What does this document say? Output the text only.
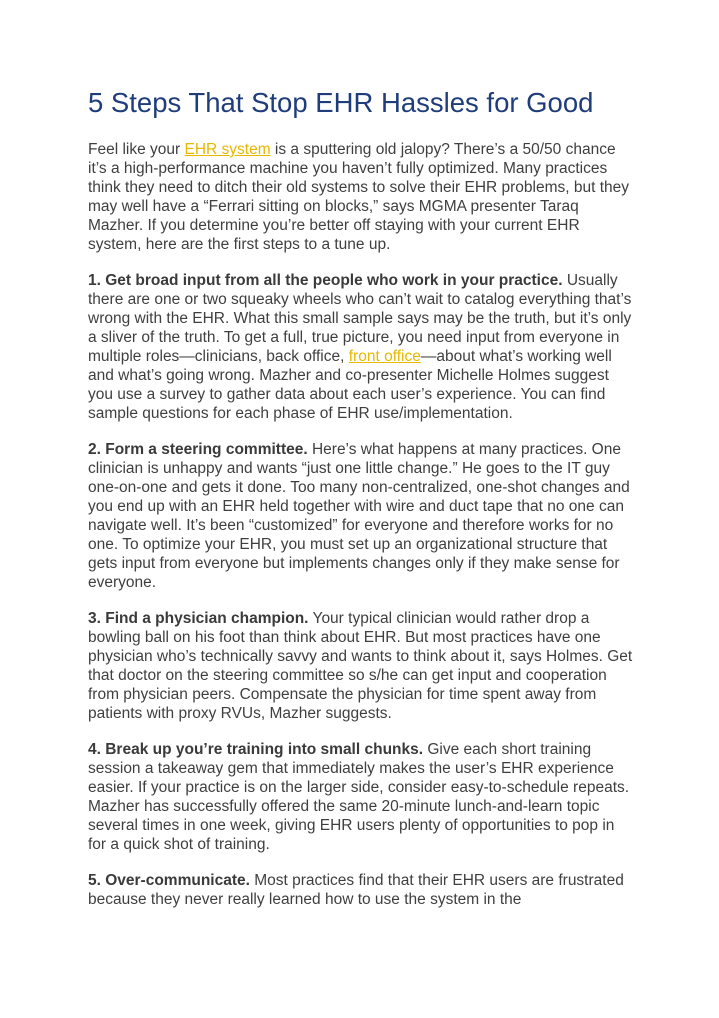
5 Steps That Stop EHR Hassles for Good

Feel like your EHR system is a sputtering old jalopy? There’s a 50/50 chance it’s a high-performance machine you haven’t fully optimized. Many practices think they need to ditch their old systems to solve their EHR problems, but they may well have a “Ferrari sitting on blocks,” says MGMA presenter Taraq Mazher. If you determine you’re better off staying with your current EHR system, here are the first steps to a tune up.

1. Get broad input from all the people who work in your practice. Usually there are one or two squeaky wheels who can’t wait to catalog everything that’s wrong with the EHR. What this small sample says may be the truth, but it’s only a sliver of the truth. To get a full, true picture, you need input from everyone in multiple roles—clinicians, back office, front office—about what’s working well and what’s going wrong. Mazher and co-presenter Michelle Holmes suggest you use a survey to gather data about each user’s experience. You can find sample questions for each phase of EHR use/implementation.

2. Form a steering committee. Here’s what happens at many practices. One clinician is unhappy and wants “just one little change.” He goes to the IT guy one-on-one and gets it done. Too many non-centralized, one-shot changes and you end up with an EHR held together with wire and duct tape that no one can navigate well. It’s been “customized” for everyone and therefore works for no one. To optimize your EHR, you must set up an organizational structure that gets input from everyone but implements changes only if they make sense for everyone.

3. Find a physician champion. Your typical clinician would rather drop a bowling ball on his foot than think about EHR. But most practices have one physician who’s technically savvy and wants to think about it, says Holmes. Get that doctor on the steering committee so s/he can get input and cooperation from physician peers. Compensate the physician for time spent away from patients with proxy RVUs, Mazher suggests.

4. Break up you’re training into small chunks. Give each short training session a takeaway gem that immediately makes the user’s EHR experience easier. If your practice is on the larger side, consider easy-to-schedule repeats. Mazher has successfully offered the same 20-minute lunch-and-learn topic several times in one week, giving EHR users plenty of opportunities to pop in for a quick shot of training.

5. Over-communicate. Most practices find that their EHR users are frustrated because they never really learned how to use the system in the
